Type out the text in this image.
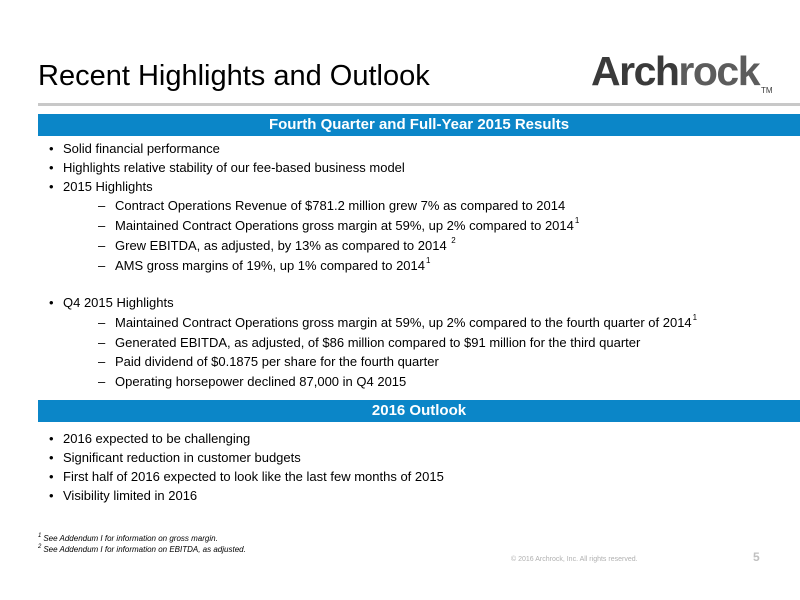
Recent Highlights and Outlook	Archrock TM
Fourth Quarter and Full-Year 2015 Results
• Solid financial performance
• Highlights relative stability of our fee-based business model
• 2015 Highlights
– Contract Operations Revenue of $781.2 million grew 7% as compared to 2014
– Maintained Contract Operations gross margin at 59%, up 2% compared to 2014$^1$
– Grew EBITDA, as adjusted, by 13% as compared to 2014 $^2$
– AMS gross margins of 19%, up 1% compared to 2014$^1$
• Q4 2015 Highlights
– Maintained Contract Operations gross margin at 59%, up 2% compared to the fourth quarter of 2014$^1$
– Generated EBITDA, as adjusted, of $86 million compared to $91 million for the third quarter
– Paid dividend of $0.1875 per share for the fourth quarter
– Operating horsepower declined 87,000 in Q4 2015
2016 Outlook
• 2016 expected to be challenging
• Significant reduction in customer budgets
• First half of 2016 expected to look like the last few months of 2015
• Visibility limited in 2016
$^1$ See Addendum I for information on gross margin.
$^2$ See Addendum I for information on EBITDA, as adjusted.
© 2016 Archrock, Inc. All rights reserved.	5
